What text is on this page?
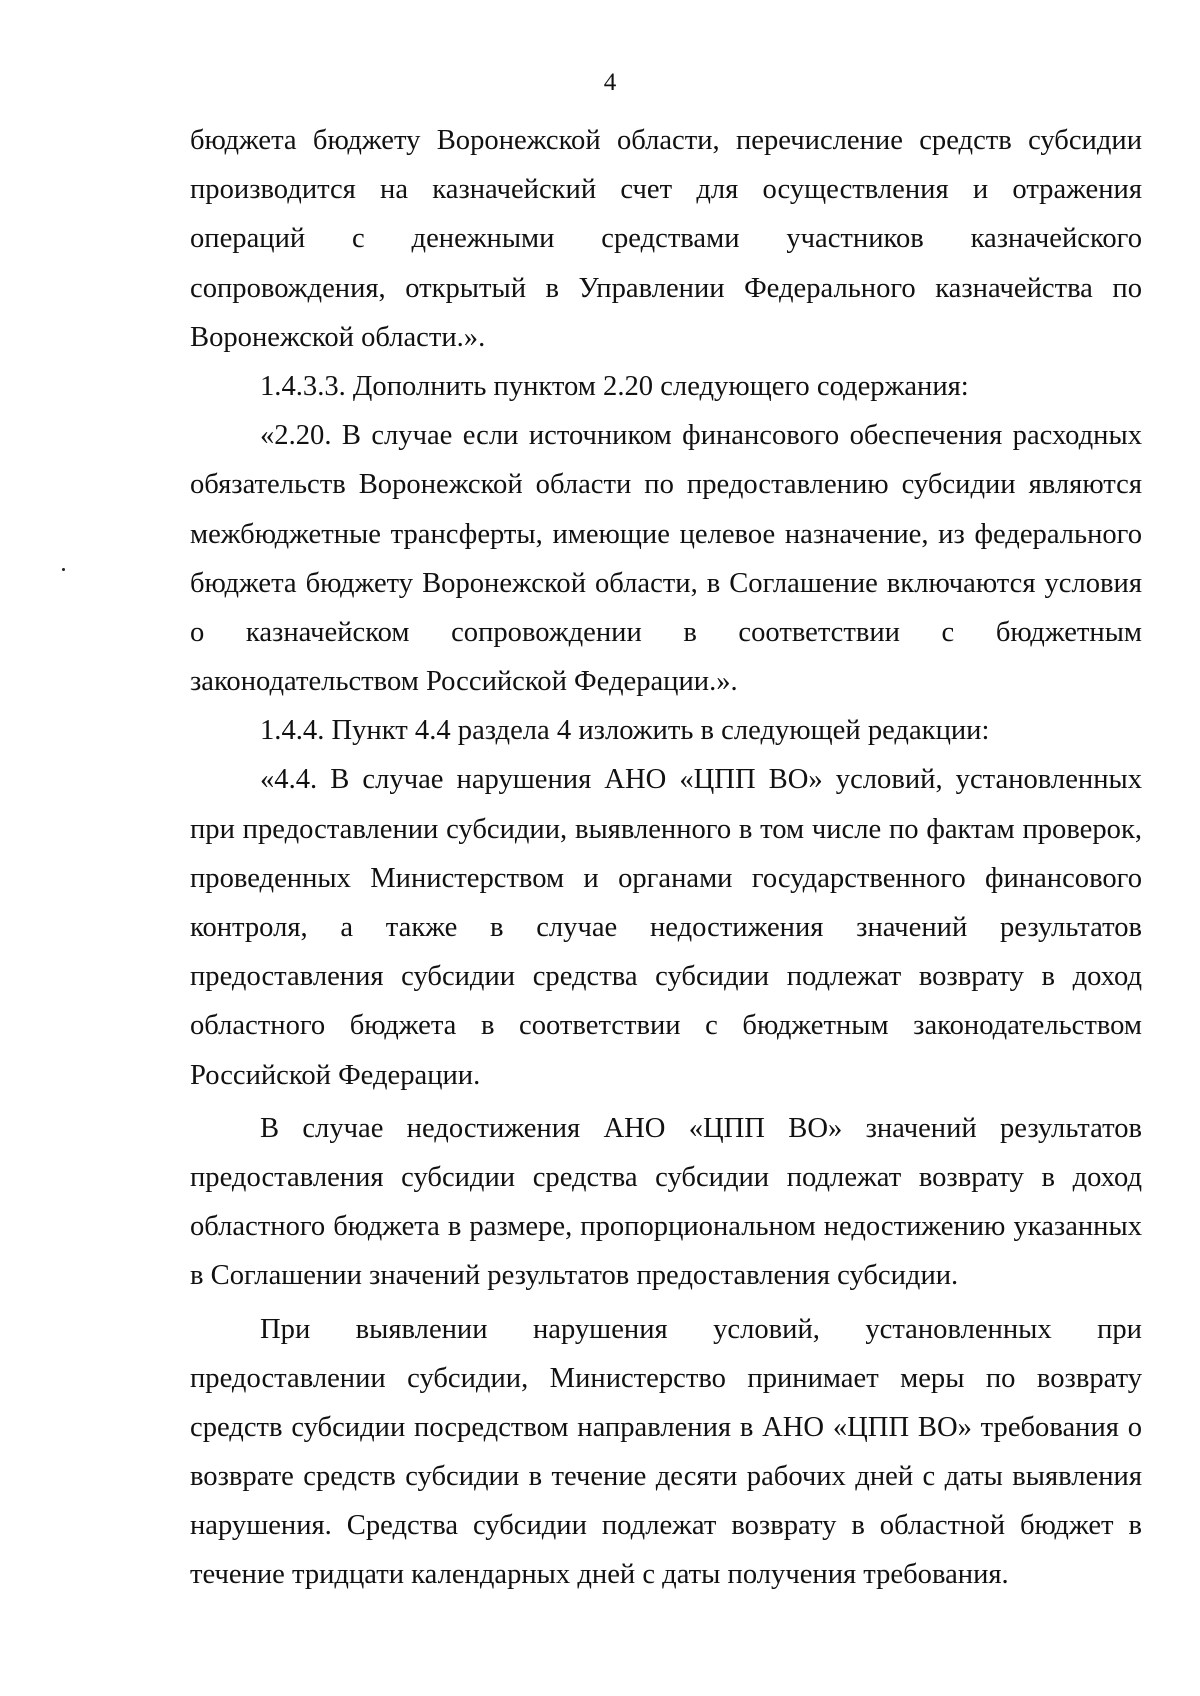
4
бюджета бюджету Воронежской области, перечисление средств субсидии
производится на казначейский счет для осуществления и отражения
операций с денежными средствами участников казначейского
сопровождения, открытый в Управлении Федерального казначейства по
Воронежской области.».
1.4.3.3. Дополнить пунктом 2.20 следующего содержания:
«2.20. В случае если источником финансового обеспечения расходных
обязательств Воронежской области по предоставлению субсидии являются
межбюджетные трансферты, имеющие целевое назначение, из федерального
бюджета бюджету Воронежской области, в Соглашение включаются условия
о казначейском сопровождении в соответствии с бюджетным
законодательством Российской Федерации.».
1.4.4. Пункт 4.4 раздела 4 изложить в следующей редакции:
«4.4. В случае нарушения АНО «ЦПП ВО» условий, установленных
при предоставлении субсидии, выявленного в том числе по фактам проверок,
проведенных Министерством и органами государственного финансового
контроля, а также в случае недостижения значений результатов
предоставления субсидии средства субсидии подлежат возврату в доход
областного бюджета в соответствии с бюджетным законодательством
Российской Федерации.
В случае недостижения АНО «ЦПП ВО» значений результатов
предоставления субсидии средства субсидии подлежат возврату в доход
областного бюджета в размере, пропорциональном недостижению указанных
в Соглашении значений результатов предоставления субсидии.
При выявлении нарушения условий, установленных при
предоставлении субсидии, Министерство принимает меры по возврату
средств субсидии посредством направления в АНО «ЦПП ВО» требования о
возврате средств субсидии в течение десяти рабочих дней с даты выявления
нарушения. Средства субсидии подлежат возврату в областной бюджет в
течение тридцати календарных дней с даты получения требования.
